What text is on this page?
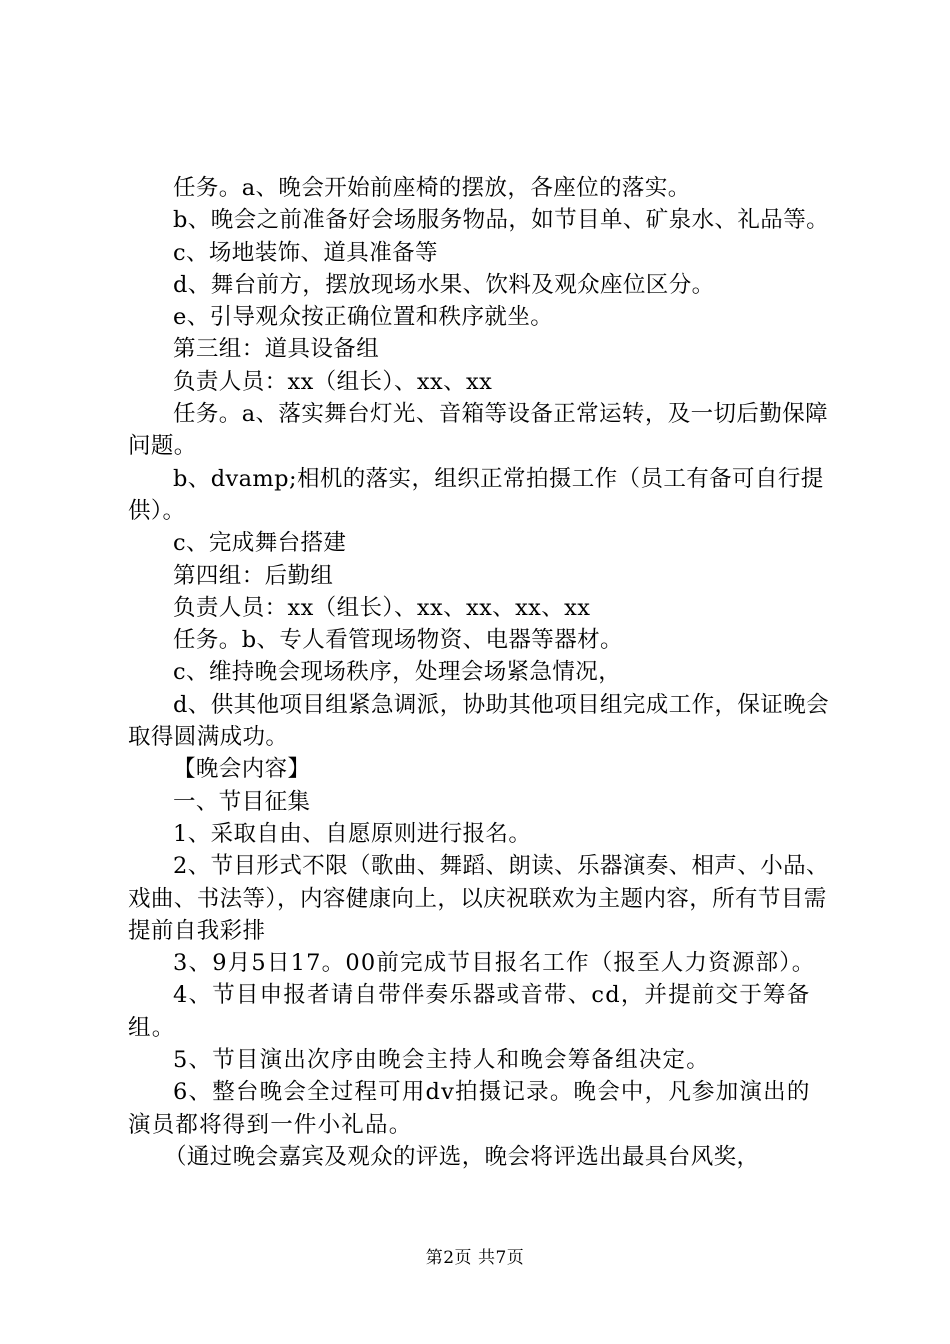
任务。a、晚会开始前座椅的摆放，各座位的落实。

b、晚会之前准备好会场服务物品，如节目单、矿泉水、礼品等。

c、场地装饰、道具准备等

d、舞台前方，摆放现场水果、饮料及观众座位区分。

e、引导观众按正确位置和秩序就坐。

第三组：道具设备组

负责人员：xx（组长）、xx、xx

任务。a、落实舞台灯光、音箱等设备正常运转，及一切后勤保障问题。

b、dvamp;相机的落实，组织正常拍摄工作（员工有备可自行提供）。

c、完成舞台搭建

第四组：后勤组

负责人员：xx（组长）、xx、xx、xx、xx

任务。b、专人看管现场物资、电器等器材。

c、维持晚会现场秩序，处理会场紧急情况，

d、供其他项目组紧急调派，协助其他项目组完成工作，保证晚会取得圆满成功。

【晚会内容】

一、节目征集

1、采取自由、自愿原则进行报名。

2、节目形式不限（歌曲、舞蹈、朗读、乐器演奏、相声、小品、戏曲、书法等），内容健康向上，以庆祝联欢为主题内容，所有节目需提前自我彩排

3、9月5日17。00前完成节目报名工作（报至人力资源部）。

4、节目申报者请自带伴奏乐器或音带、cd，并提前交于筹备组。

5、节目演出次序由晚会主持人和晚会筹备组决定。

6、整台晚会全过程可用dv拍摄记录。晚会中，凡参加演出的演员都将得到一件小礼品。

（通过晚会嘉宾及观众的评选，晚会将评选出最具台风奖，

第2页 共7页
